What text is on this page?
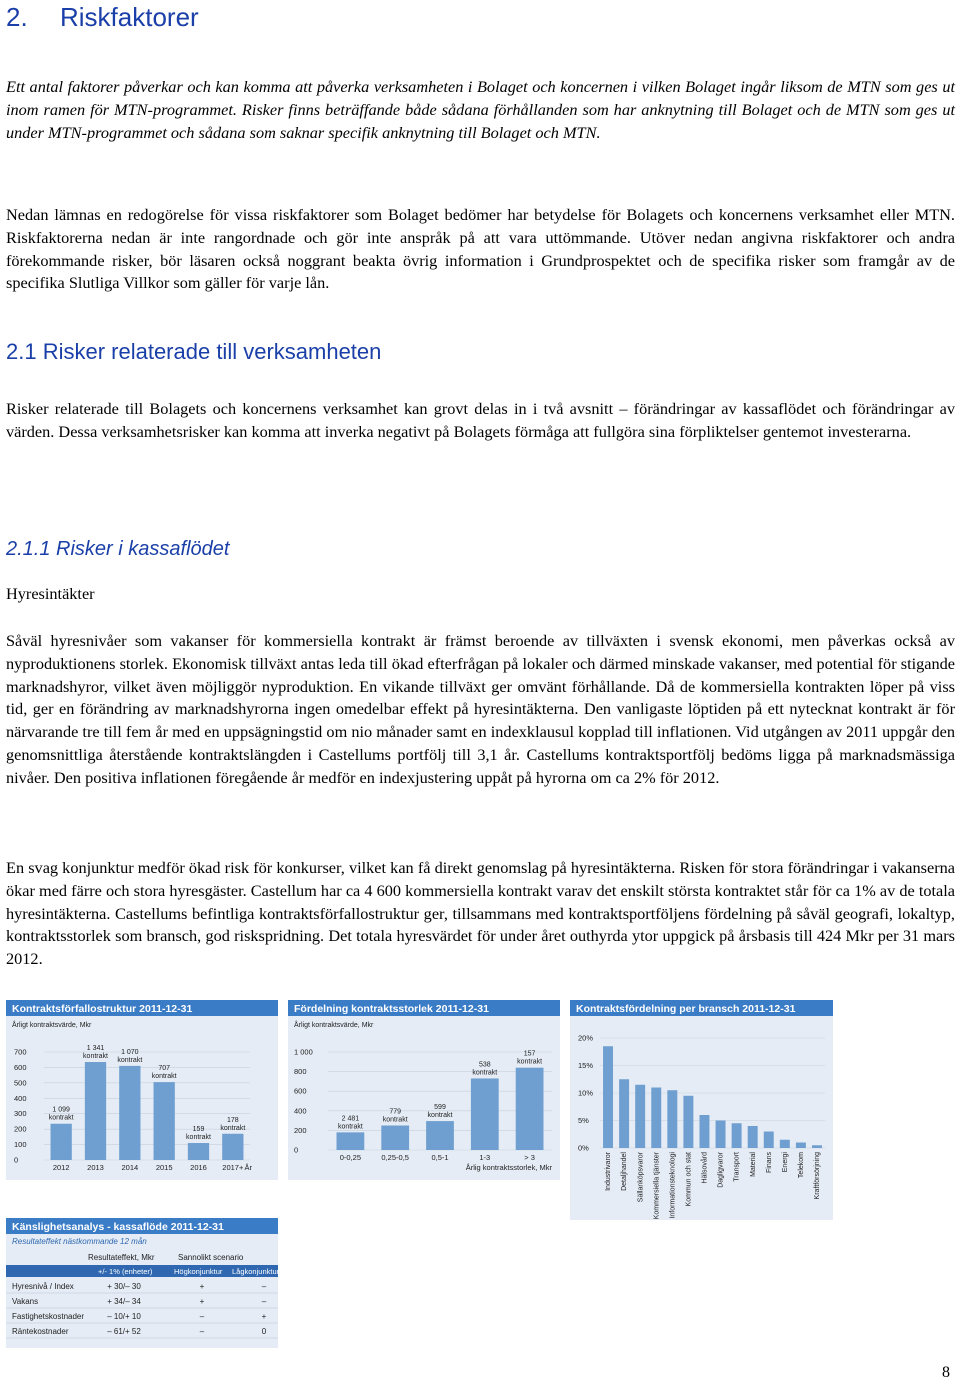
2. Riskfaktorer

Ett antal faktorer påverkar och kan komma att påverka verksamheten i Bolaget och koncernen i vilken Bolaget ingår liksom de MTN som ges ut inom ramen för MTN-programmet. Risker finns beträffande både sådana förhållanden som har anknytning till Bolaget och de MTN som ges ut under MTN-programmet och sådana som saknar specifik anknytning till Bolaget och MTN.

Nedan lämnas en redogörelse för vissa riskfaktorer som Bolaget bedömer har betydelse för Bolagets och koncernens verksamhet eller MTN. Riskfaktorerna nedan är inte rangordnade och gör inte anspråk på att vara uttömmande. Utöver nedan angivna riskfaktorer och andra förekommande risker, bör läsaren också noggrant beakta övrig information i Grundprospektet och de specifika risker som framgår av de specifika Slutliga Villkor som gäller för varje lån.

2.1 Risker relaterade till verksamheten

Risker relaterade till Bolagets och koncernens verksamhet kan grovt delas in i två avsnitt – förändringar av kassaflödet och förändringar av värden. Dessa verksamhetsrisker kan komma att inverka negativt på Bolagets förmåga att fullgöra sina förpliktelser gentemot investerarna.

2.1.1 Risker i kassaflödet
Hyresintäkter

Såväl hyresnivåer som vakanser för kommersiella kontrakt är främst beroende av tillväxten i svensk ekonomi, men påverkas också av nyproduktionens storlek. Ekonomisk tillväxt antas leda till ökad efterfrågan på lokaler och därmed minskade vakanser, med potential för stigande marknadshyror, vilket även möjliggör nyproduktion. En vikande tillväxt ger omvänt förhållande. Då de kommersiella kontrakten löper på viss tid, ger en förändring av marknadshyrorna ingen omedelbar effekt på hyresintäkterna. Den vanligaste löptiden på ett nytecknat kontrakt är för närvarande tre till fem år med en uppsägningstid om nio månader samt en indexklausul kopplad till inflationen. Vid utgången av 2011 uppgår den genomsnittliga återstående kontraktslängden i Castellums portfölj till 3,1 år. Castellums kontraktsportfölj bedöms ligga på marknadsmässiga nivåer. Den positiva inflationen föregående år medför en indexjustering uppåt på hyrorna om ca 2% för 2012.

En svag konjunktur medför ökad risk för konkurser, vilket kan få direkt genomslag på hyresintäkterna. Risken för stora förändringar i vakanserna ökar med färre och stora hyresgäster. Castellum har ca 4 600 kommersiella kontrakt varav det enskilt största kontraktet står för ca 1% av de totala hyresintäkterna. Castellums befintliga kontraktsförfallostruktur ger, tillsammans med kontraktsportföljens fördelning på såväl geografi, lokaltyp, kontraktsstorlek som bransch, god riskspridning. Det totala hyresvärdet för under året outhyrda ytor uppgick på årsbasis till 424 Mkr per 31 mars 2012.

Kontraktsförfallostruktur 2011-12-31
Årligt kontraktsvärde, Mkr
0
100
200
300
400
500
600
700
2012
1 099
kontrakt
2013
1 341
kontrakt
2014
1 070
kontrakt
2015
707
kontrakt
2016
159
kontrakt
2017+
178
kontrakt
År
Fördelning kontraktsstorlek 2011-12-31
Årligt kontraktsvärde, Mkr
0
200
400
600
800
1 000
0-0,25
2 481
kontrakt
0,25-0,5
779
kontrakt
0,5-1
599
kontrakt
1-3
538
kontrakt
> 3
157
kontrakt
Årlig kontraktsstorlek, Mkr
Kontraktsfördelning per bransch 2011-12-31
0%
5%
10%
15%
20%
Industrivaror Detaljhandel Sällanköpsvaror Kommersiella tjänster Informationsteknologi Kommun och stat Hälsovård Dagligvaror Transport Material Finans Energi Telekom Kraftförsörjning
Känslighetsanalys - kassaflöde 2011-12-31
Resultateffekt nästkommande 12 mån
Resultateffekt, Mkr	Sannolikt scenario
+/- 1% (enheter)	Högkonjunktur Lågkonjunktur
Hyresnivå / Index	+ 30/– 30	+	–
Vakans	+ 34/– 34	+	–
Fastighetskostnader	– 10/+ 10	–	+
Räntekostnader	– 61/+ 52	–	0
8
